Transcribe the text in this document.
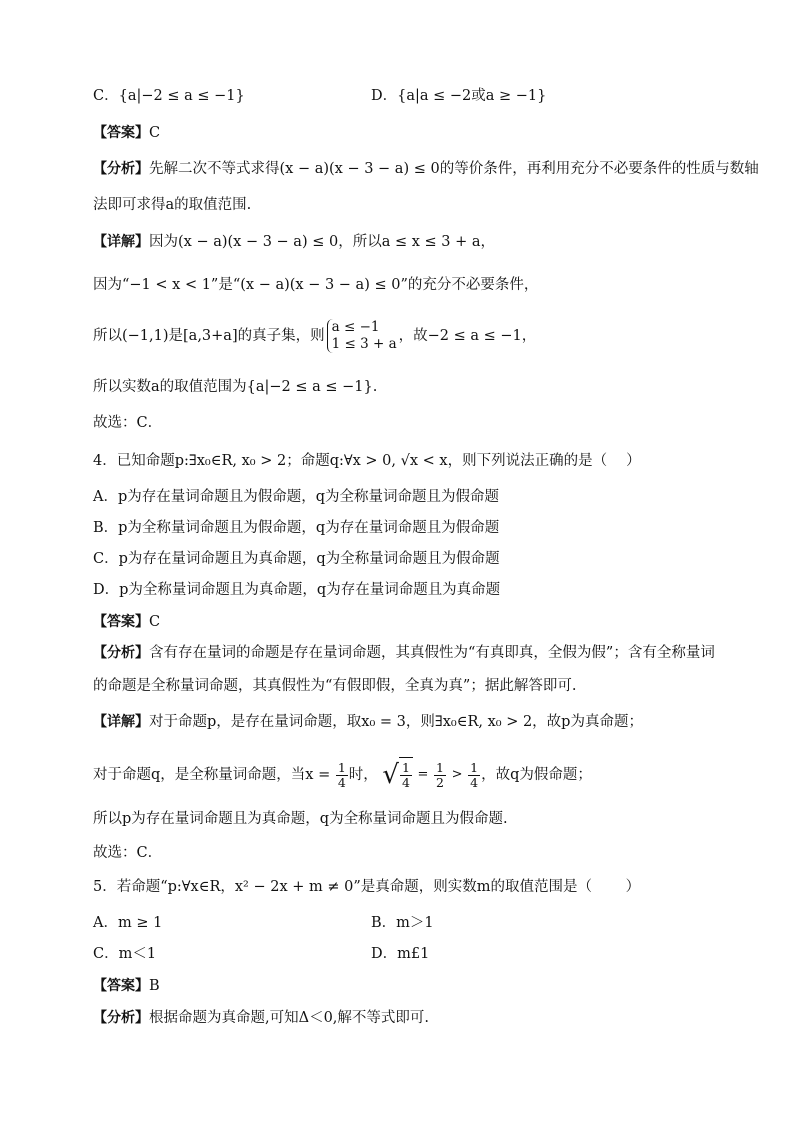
C．{a|−2 ≤ a ≤ −1}	D．{a|a ≤ −2或a ≥ −1}
【答案】C
【分析】先解二次不等式求得(x − a)(x − 3 − a) ≤ 0的等价条件，再利用充分不必要条件的性质与数轴
法即可求得a的取值范围.
【详解】因为(x − a)(x − 3 − a) ≤ 0，所以a ≤ x ≤ 3 + a，
因为“−1 < x < 1”是“(x − a)(x − 3 − a) ≤ 0”的充分不必要条件，
所以(−1,1)是[a,3+a]的真子集，则
a ≤ −1
1 ≤ 3 + a ，故−2 ≤ a ≤ −1，
所以实数a的取值范围为{a|−2 ≤ a ≤ −1}.
故选：C．
4．已知命题p:∃x₀∈R, x₀ > 2；命题q:∀x > 0, √x < x，则下列说法正确的是（　 ）
A．p为存在量词命题且为假命题，q为全称量词命题且为假命题
B．p为全称量词命题且为假命题，q为存在量词命题且为假命题
C．p为存在量词命题且为真命题，q为全称量词命题且为假命题
D．p为全称量词命题且为真命题，q为存在量词命题且为真命题
【答案】C
【分析】含有存在量词的命题是存在量词命题，其真假性为“有真即真，全假为假”；含有全称量词
的命题是全称量词命题，其真假性为“有假即假，全真为真”；据此解答即可.
【详解】对于命题p，是存在量词命题，取x₀ = 3，则∃x₀∈R, x₀ > 2，故p为真命题；
对于命题q，是全称量词命题，当$x = \frac{1}{4}$ 时， √ $\frac{1}{4} = \frac{1}{2} > \frac{1}{4}$ ，故q为假命题；
所以p为存在量词命题且为真命题，q为全称量词命题且为假命题.
故选：C．
5．若命题“p:∀x∈R，x² − 2x + m ≠ 0”是真命题，则实数m的取值范围是（　　 ）
A．m ≥ 1	B．m＞1
C．m＜1	D．m£1
【答案】B
【分析】根据命题为真命题,可知Δ＜0,解不等式即可.
